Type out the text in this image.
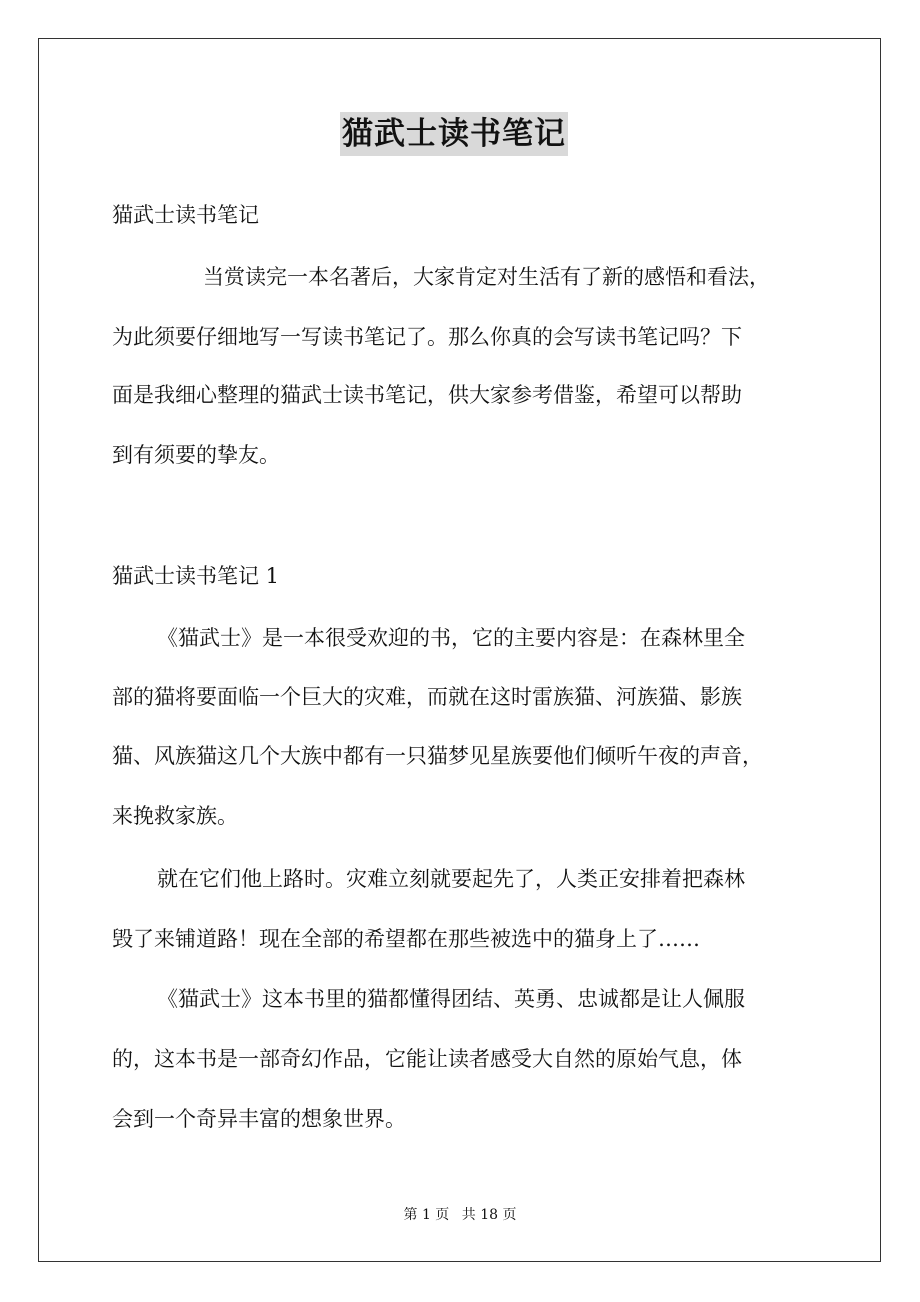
猫武士读书笔记
猫武士读书笔记
当赏读完一本名著后，大家肯定对生活有了新的感悟和看法，
为此须要仔细地写一写读书笔记了。那么你真的会写读书笔记吗？下
面是我细心整理的猫武士读书笔记，供大家参考借鉴，希望可以帮助
到有须要的挚友。
猫武士读书笔记 1
《猫武士》是一本很受欢迎的书，它的主要内容是：在森林里全
部的猫将要面临一个巨大的灾难，而就在这时雷族猫、河族猫、影族
猫、风族猫这几个大族中都有一只猫梦见星族要他们倾听午夜的声音，
来挽救家族。
就在它们他上路时。灾难立刻就要起先了，人类正安排着把森林
毁了来铺道路！现在全部的希望都在那些被选中的猫身上了……
《猫武士》这本书里的猫都懂得团结、英勇、忠诚都是让人佩服
的，这本书是一部奇幻作品，它能让读者感受大自然的原始气息，体
会到一个奇异丰富的想象世界。
第 1 页 共 18 页
